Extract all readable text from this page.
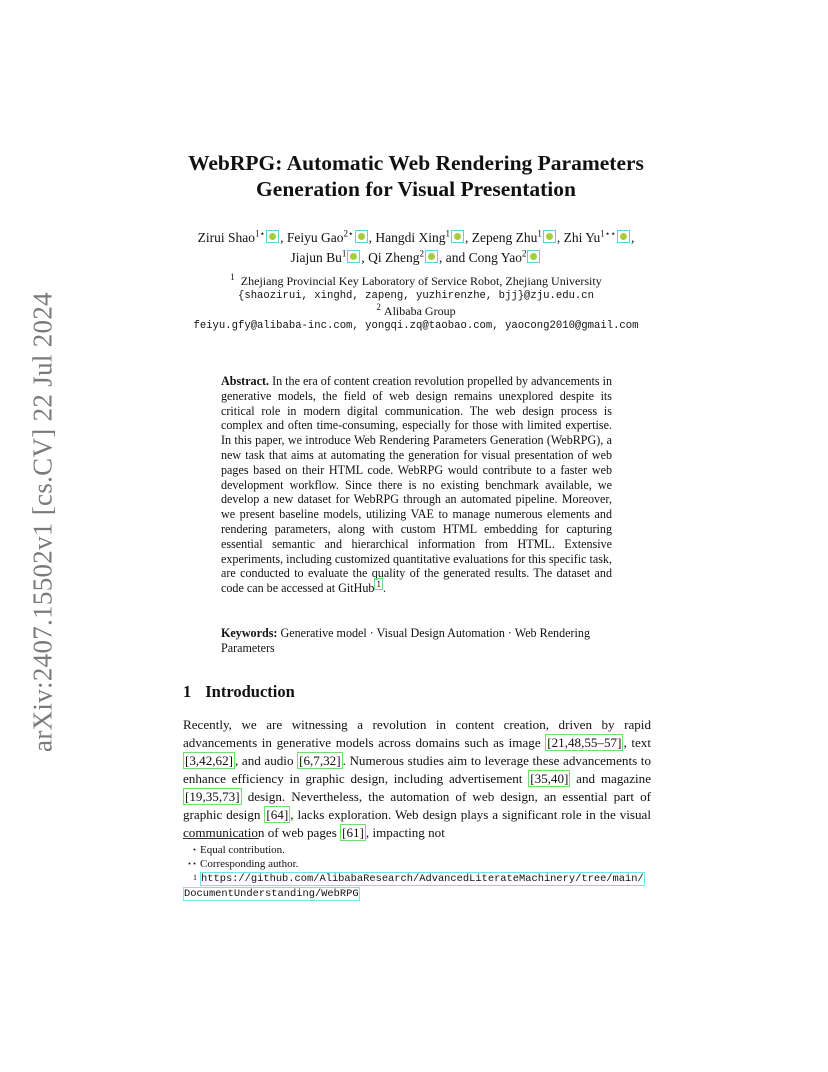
arXiv:2407.15502v1 [cs.CV] 22 Jul 2024
WebRPG: Automatic Web Rendering Parameters
Generation for Visual Presentation
Zirui Shao$^{1⋆}$ , Feiyu Gao$^{2⋆}$ , Hangdi Xing$^1$ , Zepeng Zhu$^1$ , Zhi $Yu^{1⋆⋆}$ ,
Jiajun Bu$^1$ , Qi Zheng$^2$ , and Cong Yao$^2$
$^1$ Zhejiang Provincial Key Laboratory of Service Robot, Zhejiang University
{shaozirui, xinghd, zapeng, yuzhirenzhe, bjj}@zju.edu.cn
$^2$ Alibaba Group
feiyu.gfy@alibaba-inc.com, yongqi.zq@taobao.com, yaocong2010@gmail.com
Abstract. In the era of content creation revolution propelled by advancements in generative models, the field of web design remains unexplored despite its critical role in modern digital communication. The web design process is complex and often time-consuming, especially for those with limited expertise. In this paper, we introduce Web Rendering Parameters Generation (WebRPG), a new task that aims at automating the generation for visual presentation of web pages based on their HTML code. WebRPG would contribute to a faster web development workflow. Since there is no existing benchmark available, we develop a new dataset for WebRPG through an automated pipeline. Moreover, we present baseline models, utilizing VAE to manage numerous elements and rendering parameters, along with custom HTML embedding for capturing essential semantic and hierarchical information from HTML. Extensive experiments, including customized quantitative evaluations for this specific task, are conducted to evaluate the quality of the generated results. The dataset and code can be accessed at GitHub $^1$ .
Keywords: Generative model · Visual Design Automation · Web Rendering Parameters
1 Introduction
Recently, we are witnessing a revolution in content creation, driven by rapid advancements in generative models across domains such as image [21,48,55–57] , text [3,42,62] , and audio [6,7,32] . Numerous studies aim to leverage these advancements to enhance efficiency in graphic design, including advertisement [35,40] and magazine [19,35,73] design. Nevertheless, the automation of web design, an essential part of graphic design [64] , lacks exploration. Web design plays a significant role in the visual communication of web pages [61] , impacting not
⋆ Equal contribution.
⋆⋆ Corresponding author.
1 https://github.com/AlibabaResearch/AdvancedLiterateMachinery/tree/main/
DocumentUnderstanding/WebRPG
